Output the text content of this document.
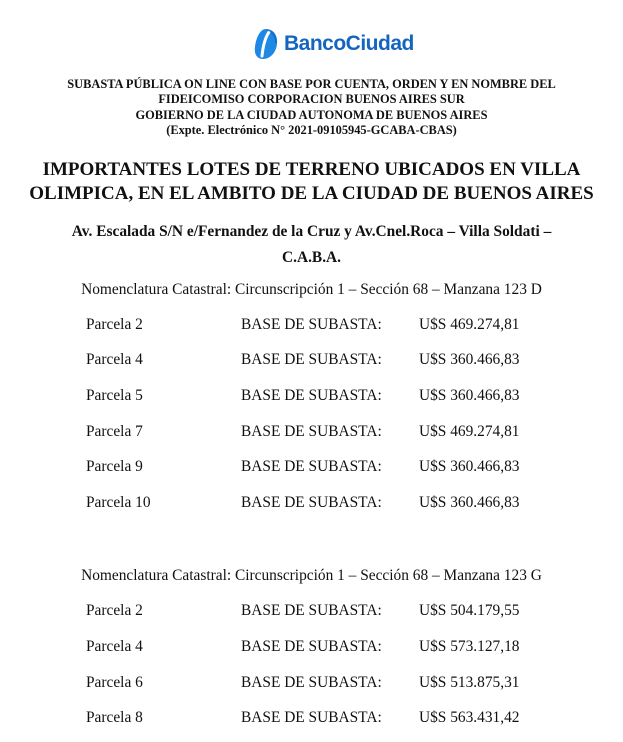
BancoCiudad
SUBASTA PÚBLICA ON LINE CON BASE POR CUENTA, ORDEN Y EN NOMBRE DEL
FIDEICOMISO CORPORACION BUENOS AIRES SUR
GOBIERNO DE LA CIUDAD AUTONOMA DE BUENOS AIRES
(Expte. Electrónico N° 2021-09105945-GCABA-CBAS)
IMPORTANTES LOTES DE TERRENO UBICADOS EN VILLA
OLIMPICA, EN EL AMBITO DE LA CIUDAD DE BUENOS AIRES
Av. Escalada S/N e/Fernandez de la Cruz y Av.Cnel.Roca – Villa Soldati –
C.A.B.A.
Nomenclatura Catastral: Circunscripción 1 – Sección 68 – Manzana 123 D
Parcela 2	BASE DE SUBASTA: U$S 469.274,81
Parcela 4	BASE DE SUBASTA: U$S 360.466,83
Parcela 5	BASE DE SUBASTA: U$S 360.466,83
Parcela 7	BASE DE SUBASTA: U$S 469.274,81
Parcela 9	BASE DE SUBASTA: U$S 360.466,83
Parcela 10	BASE DE SUBASTA: U$S 360.466,83
Nomenclatura Catastral: Circunscripción 1 – Sección 68 – Manzana 123 G
Parcela 2	BASE DE SUBASTA: U$S 504.179,55
Parcela 4	BASE DE SUBASTA: U$S 573.127,18
Parcela 6	BASE DE SUBASTA: U$S 513.875,31
Parcela 8	BASE DE SUBASTA: U$S 563.431,42
